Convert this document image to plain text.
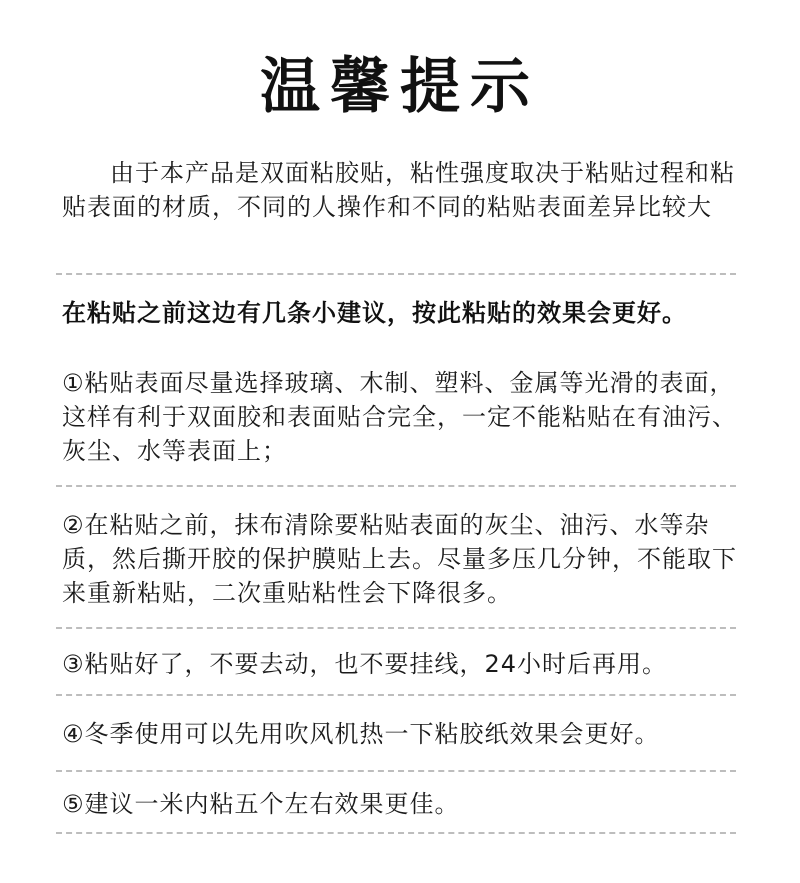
温馨提示
由于本产品是双面粘胶贴，粘性强度取决于粘贴过程和粘贴表面的材质，不同的人操作和不同的粘贴表面差异比较大
在粘贴之前这边有几条小建议，按此粘贴的效果会更好。
①粘贴表面尽量选择玻璃、木制、塑料、金属等光滑的表面，这样有利于双面胶和表面贴合完全，一定不能粘贴在有油污、灰尘、水等表面上；
②在粘贴之前，抹布清除要粘贴表面的灰尘、油污、水等杂质，然后撕开胶的保护膜贴上去。尽量多压几分钟，不能取下来重新粘贴，二次重贴粘性会下降很多。
③粘贴好了，不要去动，也不要挂线，24小时后再用。
④冬季使用可以先用吹风机热一下粘胶纸效果会更好。
⑤建议一米内粘五个左右效果更佳。
